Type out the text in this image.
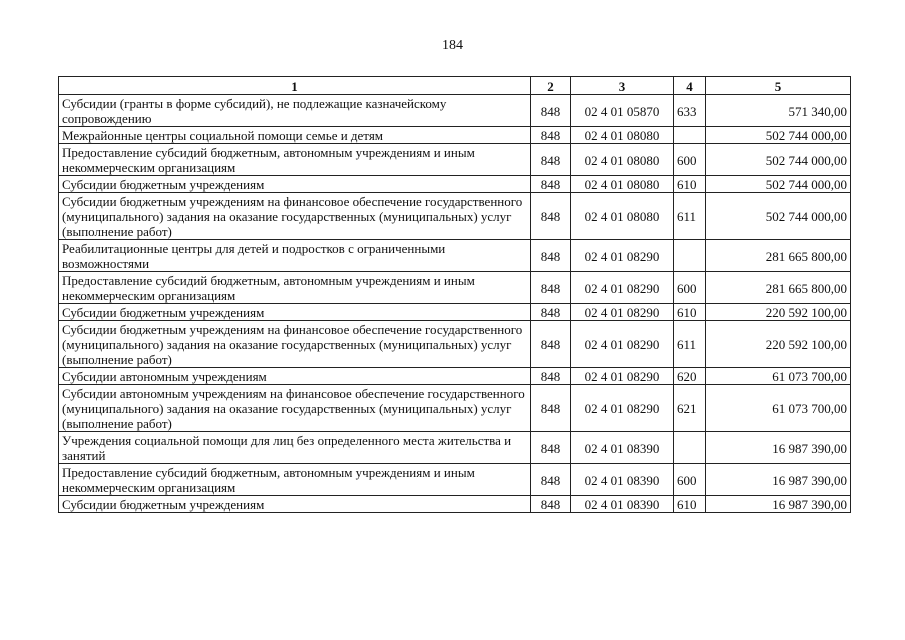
184
1	2	3	4	5
Субсидии (гранты в форме субсидий), не подлежащие казначейскому сопровождению	848	02 4 01 05870	633	571 340,00
Межрайонные центры социальной помощи семье и детям	848	02 4 01 08080		502 744 000,00
Предоставление субсидий бюджетным, автономным учреждениям и иным некоммерческим организациям	848	02 4 01 08080	600	502 744 000,00
Субсидии бюджетным учреждениям	848	02 4 01 08080	610	502 744 000,00
Субсидии бюджетным учреждениям на финансовое обеспечение государственного (муниципального) задания на оказание государственных (муниципальных) услуг (выполнение работ)	848	02 4 01 08080	611	502 744 000,00
Реабилитационные центры для детей и подростков с ограниченными возможностями	848	02 4 01 08290		281 665 800,00
Предоставление субсидий бюджетным, автономным учреждениям и иным некоммерческим организациям	848	02 4 01 08290	600	281 665 800,00
Субсидии бюджетным учреждениям	848	02 4 01 08290	610	220 592 100,00
Субсидии бюджетным учреждениям на финансовое обеспечение государственного (муниципального) задания на оказание государственных (муниципальных) услуг (выполнение работ)	848	02 4 01 08290	611	220 592 100,00
Субсидии автономным учреждениям	848	02 4 01 08290	620	61 073 700,00
Субсидии автономным учреждениям на финансовое обеспечение государственного (муниципального) задания на оказание государственных (муниципальных) услуг (выполнение работ)	848	02 4 01 08290	621	61 073 700,00
Учреждения социальной помощи для лиц без определенного места жительства и занятий	848	02 4 01 08390		16 987 390,00
Предоставление субсидий бюджетным, автономным учреждениям и иным некоммерческим организациям	848	02 4 01 08390	600	16 987 390,00
Субсидии бюджетным учреждениям	848	02 4 01 08390	610	16 987 390,00
